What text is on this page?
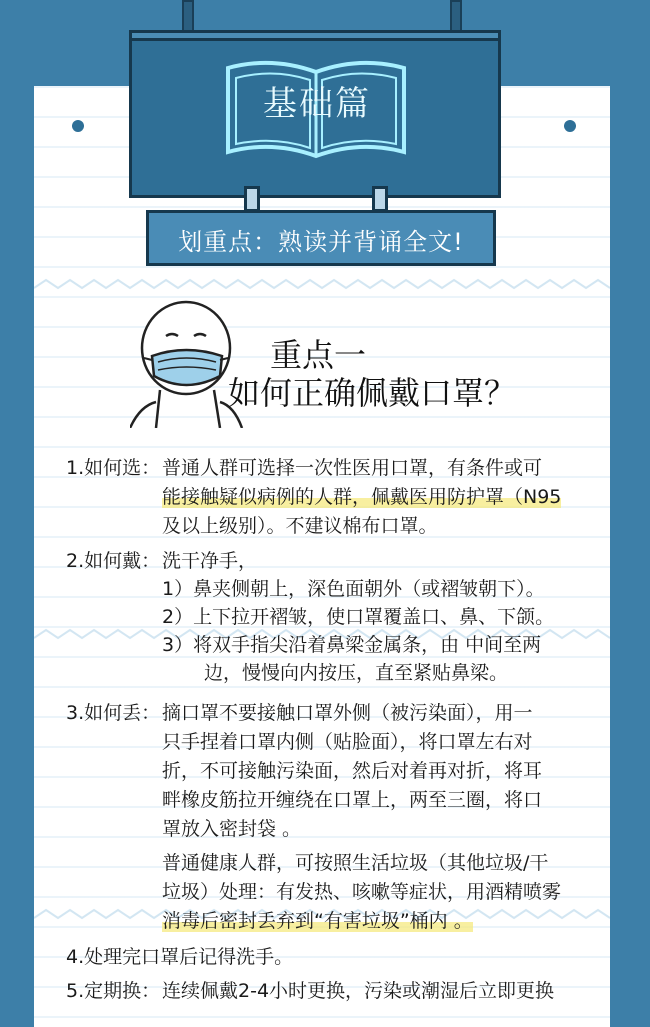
基础篇
划重点：熟读并背诵全文!
重点一
如何正确佩戴口罩？
1.如何选： 普通人群可选择一次性医用口罩，有条件或可
能接触疑似病例的人群，佩戴医用防护罩（N95
及以上级别）。不建议棉布口罩。
2.如何戴： 洗干净手，
1）鼻夹侧朝上，深色面朝外（或褶皱朝下）。
2）上下拉开褶皱，使口罩覆盖口、鼻、下颌。
3）将双手指尖沿着鼻梁金属条，由 中间至两
边，慢慢向内按压，直至紧贴鼻梁。
3.如何丢： 摘口罩不要接触口罩外侧（被污染面），用一
只手捏着口罩内侧（贴脸面），将口罩左右对
折，不可接触污染面，然后对着再对折，将耳
畔橡皮筋拉开缠绕在口罩上，两至三圈，将口
罩放入密封袋 。
普通健康人群，可按照生活垃圾（其他垃圾/干
垃圾）处理：有发热、咳嗽等症状，用酒精喷雾
消毒后密封丢弃到“有害垃圾”桶内 。
4.处理完口罩后记得洗手。
5.定期换： 连续佩戴2-4小时更换，污染或潮湿后立即更换
